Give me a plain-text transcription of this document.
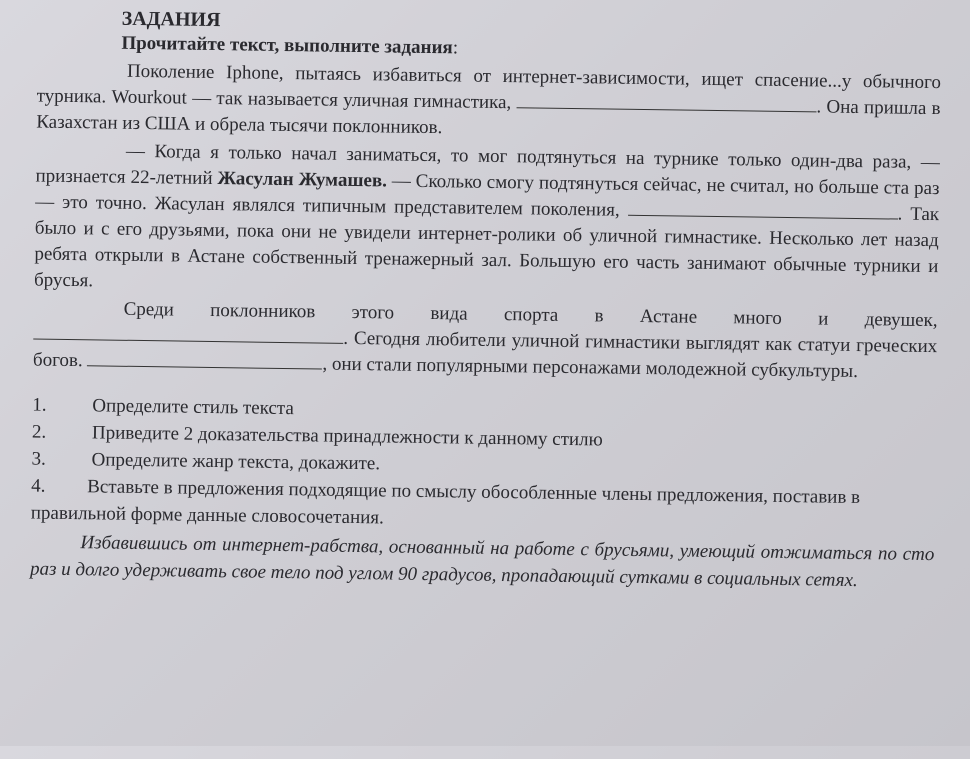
ЗАДАНИЯ
Прочитайте текст, выполните задания:

Поколение Iphone, пытаясь избавиться от интернет-зависимости, ищет спасение...у обычного турника. Wourkout — так называется уличная гимнастика,	. Она пришла в Казахстан из США и обрела тысячи поклонников.

— Когда я только начал заниматься, то мог подтянуться на турнике только один-два раза, — признается 22-летний Жасулан Жумашев. — Сколько смогу подтянуться сейчас, не считал, но больше ста раз — это точно. Жасулан являлся типичным представителем поколения,	. Так было и с его друзьями, пока они не увидели интернет-ролики об уличной гимнастике. Несколько лет назад ребята открыли в Астане собственный тренажерный зал. Большую его часть занимают обычные турники и брусья.

Среди поклонников этого вида спорта в Астане много и девушек, . Сегодня любители уличной гимнастики выглядят как статуи греческих богов.	, они стали популярными персонажами молодежной субкультуры.

1.	Определите стиль текста
2.	Приведите 2 доказательства принадлежности к данному стилю
3.	Определите жанр текста, докажите.
4. Вставьте в предложения подходящие по смыслу обособленные члены предложения, поставив в правильной форме данные словосочетания.

Избавившись от интернет-рабства, основанный на работе с брусьями, умеющий отжиматься по сто раз и долго удерживать свое тело под углом 90 градусов, пропадающий сутками в социальных сетях.
